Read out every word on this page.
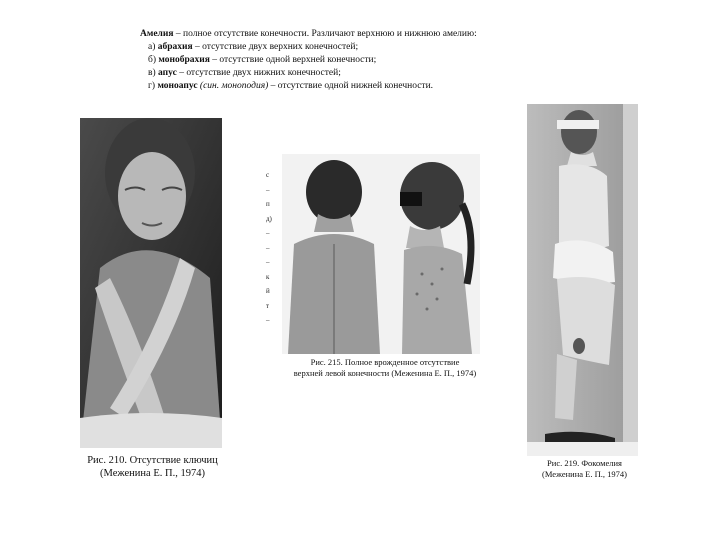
Амелия – полное отсутствие конечности. Различают верхнюю и нижнюю амелию:
а) абрахия – отсутствие двух верхних конечностей;
б) монобрахия – отсутствие одной верхней конечности;
в) апус – отсутствие двух нижних конечностей;
г) моноапус (син. моноподия) – отсутствие одной нижней конечности.
Рис. 210. Отсутствие ключиц
(Меженина Е. П., 1974)
с
–
п
д)
–
–
–
к
й
т
–
Рис. 215. Полное врожденное отсутствие
верхней левой конечности (Меженина Е. П., 1974)
Рис. 219. Фокомелия
(Меженина Е. П., 1974)
